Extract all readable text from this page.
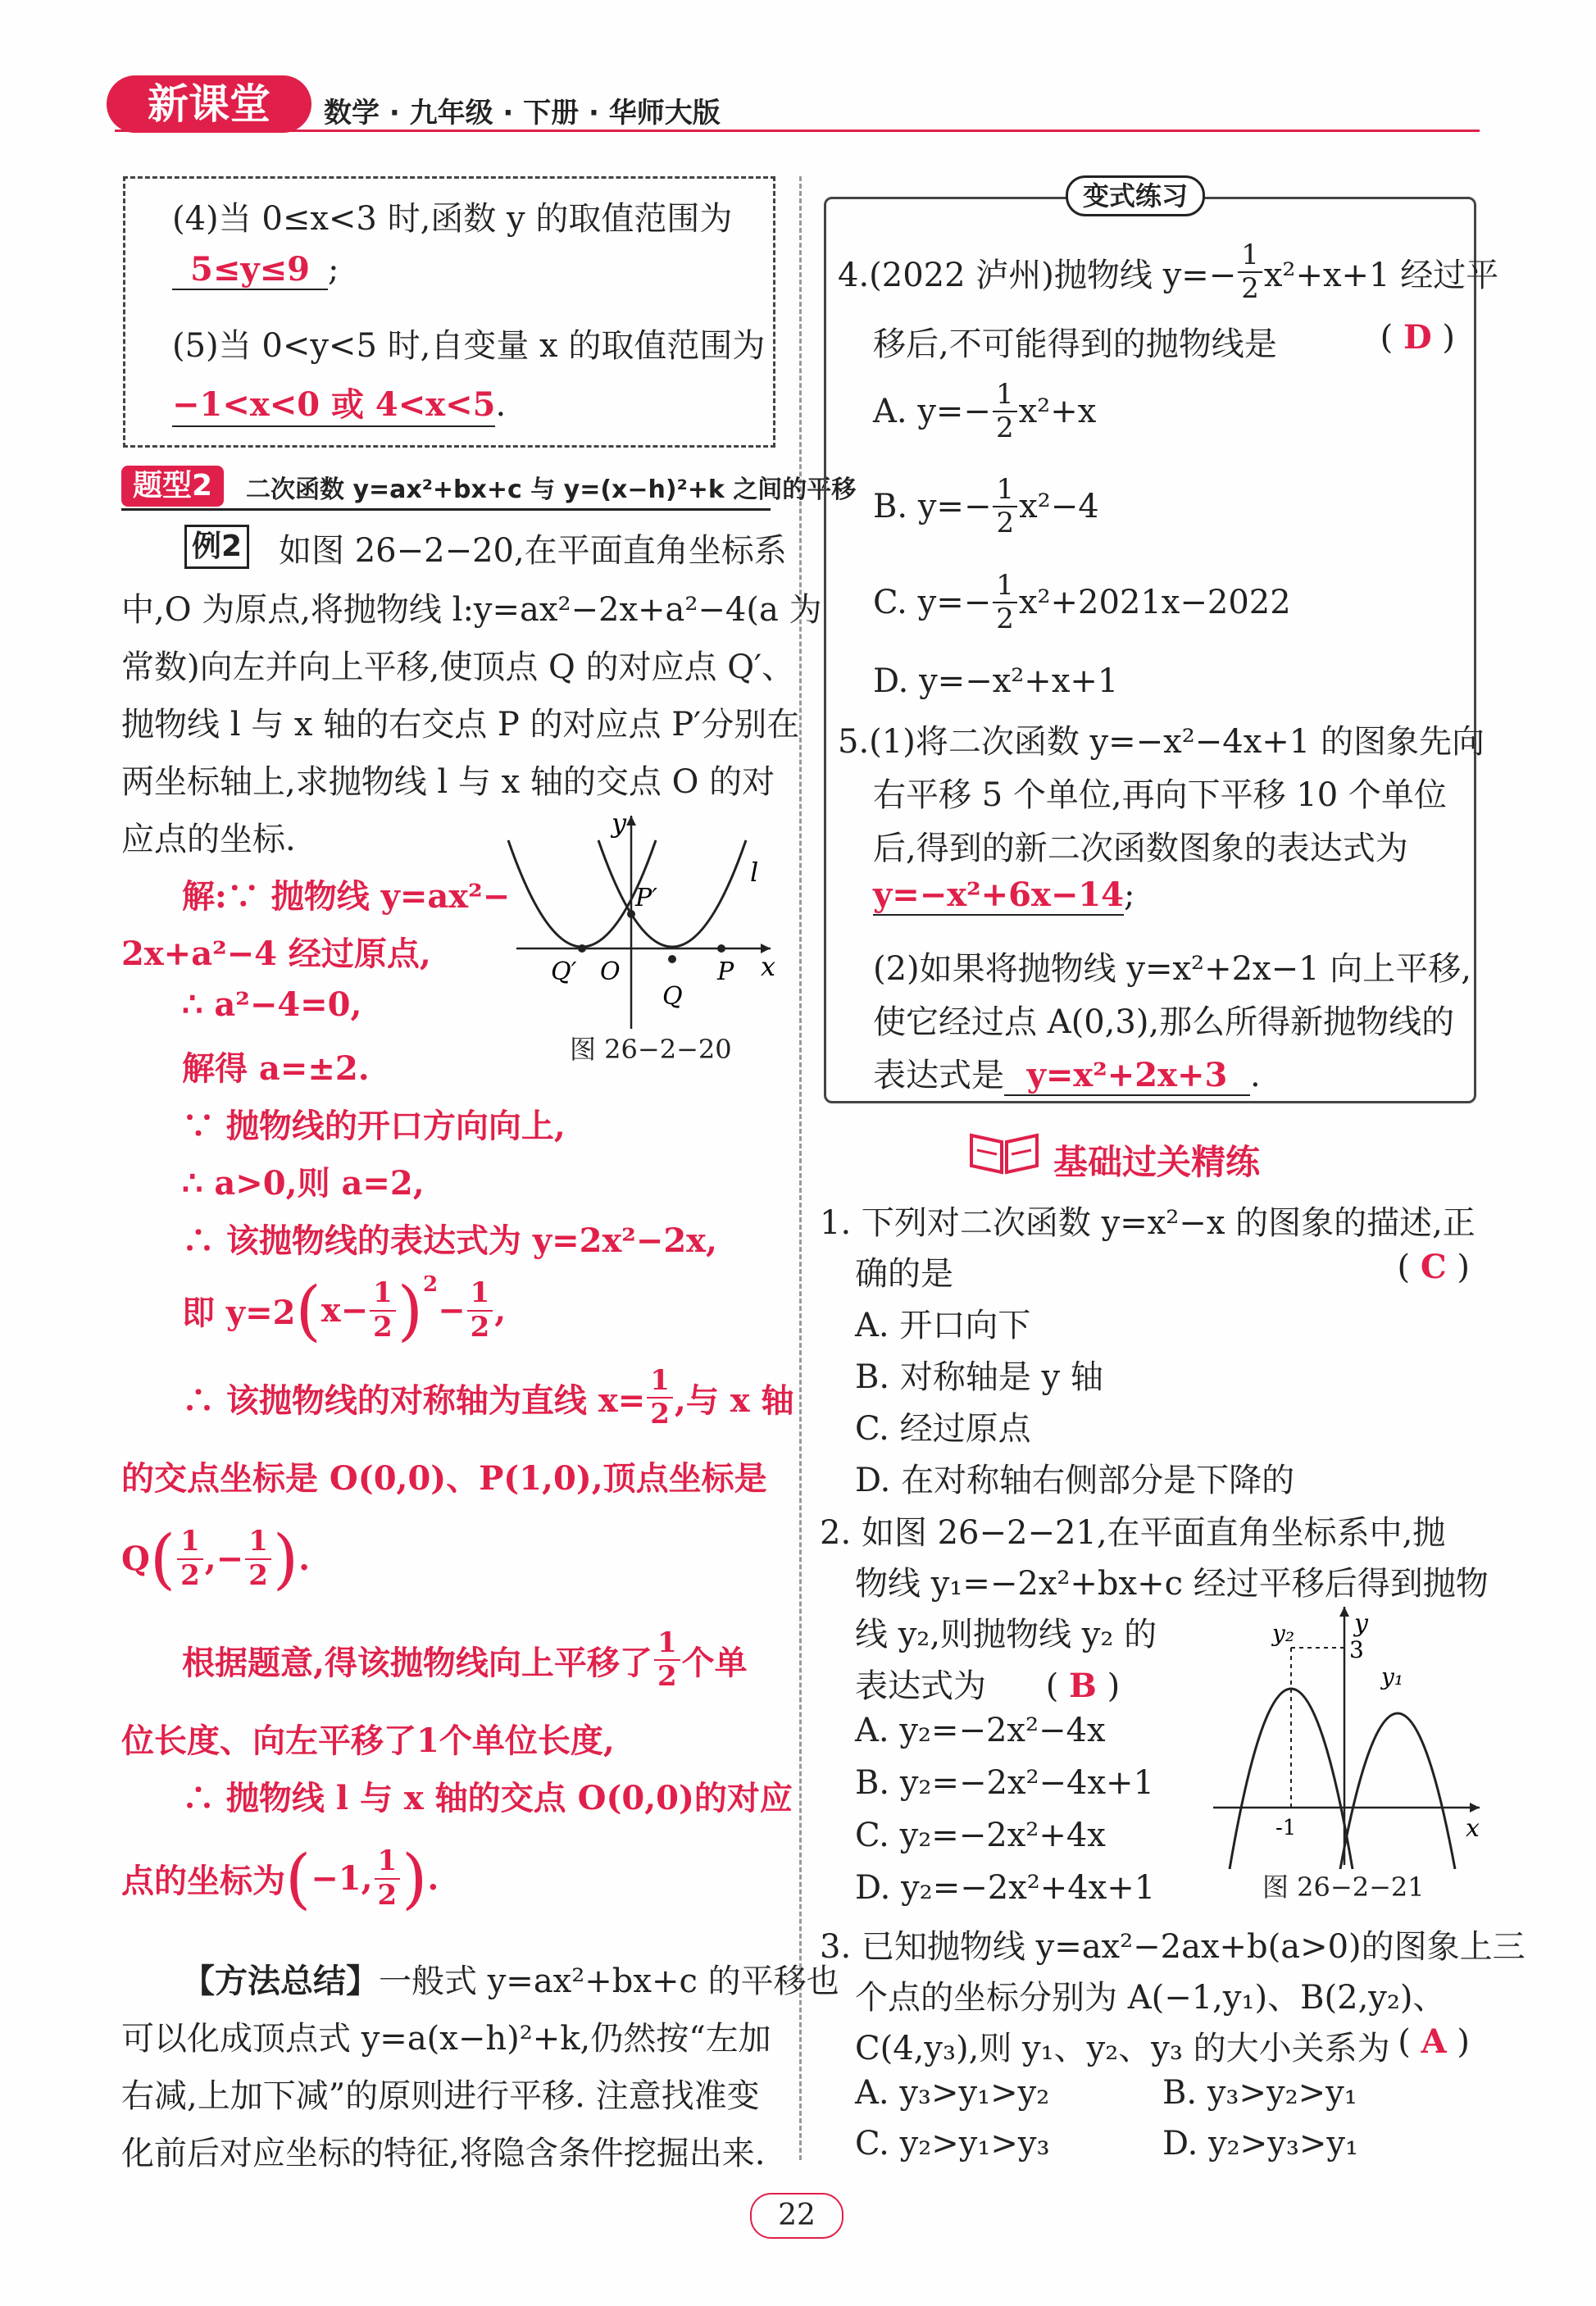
新课堂	数学 · 九年级 · 下册 · 华师大版
(4)当 0≤x<3 时,函数 y 的取值范围为
5≤y≤9 ;
(5)当 0<y<5 时,自变量 x 的取值范围为
−1<x<0 或 4<x<5.
题型2	二次函数 y=ax²+bx+c 与 y=(x−h)²+k 之间的平移
例2 如图 26−2−20,在平面直角坐标系
中,O 为原点,将抛物线 l:y=ax²−2x+a²−4(a 为
常数)向左并向上平移,使顶点 Q 的对应点 Q′、
抛物线 l 与 x 轴的右交点 P 的对应点 P′分别在
两坐标轴上,求抛物线 l 与 x 轴的交点 O 的对
应点的坐标.	y
x
l
P′
Q′ O	P
Q
图 26−2−20
解:∵ 抛物线 y=ax²−
2x+a²−4 经过原点,
∴ a²−4=0,
解得 a=±2.
∵ 抛物线的开口方向向上,
∴ a>0,则 a=2,
∴ 该抛物线的表达式为 y=2x²−2x,
即 y=2 ( $x- \frac{1}{2} )^2$
− $\frac{1}{2}$ ,
∴ 该抛物线的对称轴为直线 $x= \frac{1}{2}$ ,与 x 轴
的交点坐标是 O(0,0)、P(1,0),顶点坐标是
Q ( $\frac{1}{2}$ ,− $\frac{1}{2}$ ) .
根据题意,得该抛物线向上平移了 $\frac{1}{2}$ 个单
位长度、向左平移了1个单位长度,
∴ 抛物线 l 与 x 轴的交点 O(0,0)的对应
点的坐标为 ( −1, $\frac{1}{2}$ ) .
【方法总结】一般式 y=ax²+bx+c 的平移也
可以化成顶点式 y=a(x−h)²+k,仍然按“左加
右减,上加下减”的原则进行平移. 注意找准变
化前后对应坐标的特征,将隐含条件挖掘出来.
变式练习
4.(2022 泸州)抛物线 $y=- \frac{1}{2} x^2+x+1$ 经过平
移后,不可能得到的抛物线是	( D )
A. $y=- \frac{1}{2} x^2+x$
B. $y=- \frac{1}{2} x^2-4$
C. $y=- \frac{1}{2} x^2+2021x-2022$
D. y=−x²+x+1
5.(1)将二次函数 y=−x²−4x+1 的图象先向
右平移 5 个单位,再向下平移 10 个单位
后,得到的新二次函数图象的表达式为
y=−x²+6x−14;
(2)如果将抛物线 y=x²+2x−1 向上平移,
使它经过点 A(0,3),那么所得新抛物线的
表达式是 y=x²+2x+3 .
基础过关精练
1. 下列对二次函数 y=x²−x 的图象的描述,正
确的是	( C )
A. 开口向下
B. 对称轴是 y 轴
C. 经过原点
D. 在对称轴右侧部分是下降的
2. 如图 26−2−21,在平面直角坐标系中,抛
物线 y₁=−2x²+bx+c 经过平移后得到抛物
线 y₂,则抛物线 y₂ 的
表达式为 ( B )
A. y₂=−2x²−4x
B. y₂=−2x²−4x+1
C. y₂=−2x²+4x
D. y₂=−2x²+4x+1
y
x
y₂
y₁
3
-1
图 26−2−21
3. 已知抛物线 y=ax²−2ax+b(a>0)的图象上三
个点的坐标分别为 A(−1,y₁)、B(2,y₂)、
C(4,y₃),则 y₁、y₂、y₃ 的大小关系为 ( A )
A. y₃>y₁>y₂	B. y₃>y₂>y₁
C. y₂>y₁>y₃	D. y₂>y₃>y₁
22
